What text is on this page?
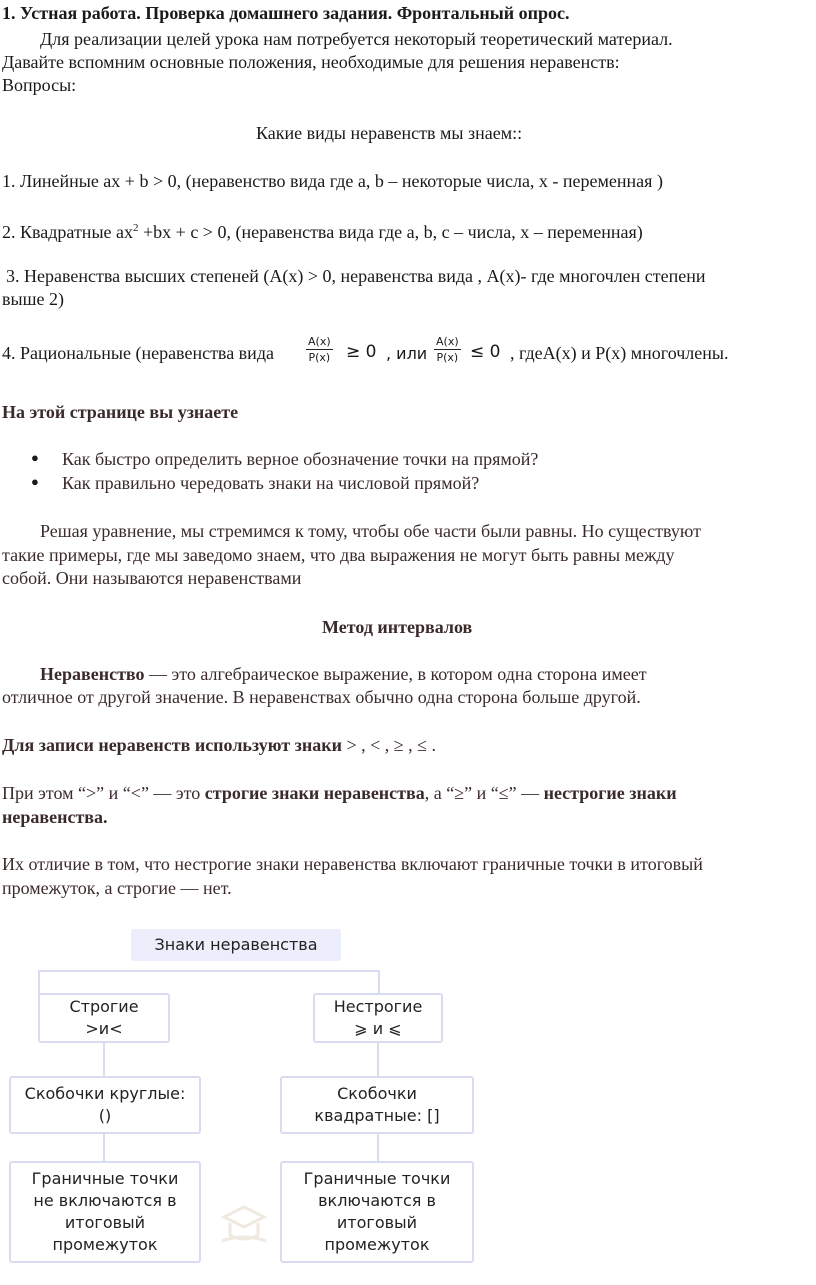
1. Устная работа. Проверка домашнего задания. Фронтальный опрос.
Для реализации целей урока нам потребуется некоторый теоретический материал.
Давайте вспомним основные положения, необходимые для решения неравенств:
Вопросы:
Какие виды неравенств мы знаем::
1. Линейные ax + b > 0, (неравенство вида где а, b – некоторые числа, x - переменная )
2. Квадратные $ax^2 +bx + c > 0$, (неравенства вида где а, b, c – числа, x – переменная)
3. Неравенства высших степеней (A(x) > 0, неравенства вида , A(x)- где многочлен степени
выше 2)
4. Рациональные (неравенства вида	$\frac{A(x)}{P(x)} \ge 0$ , или $\frac{A(x)}{P(x)} \le 0$ , гдеA(x) и P(x) многочлены.
На этой странице вы узнаете
● Как быстро определить верное обозначение точки на прямой?
● Как правильно чередовать знаки на числовой прямой?
Решая уравнение, мы стремимся к тому, чтобы обе части были равны. Но существуют
такие примеры, где мы заведомо знаем, что два выражения не могут быть равны между
собой. Они называются неравенствами
Метод интервалов
Неравенство — это алгебраическое выражение, в котором одна сторона имеет
отличное от другой значение. В неравенствах обычно одна сторона больше другой.
Для записи неравенств используют знаки > , < , ≥ , ≤ .
При этом “>” и “<” — это строгие знаки неравенства, а “≥” и “≤” — нестрогие знаки
неравенства.
Их отличие в том, что нестрогие знаки неравенства включают граничные точки в итоговый
промежуток, а строгие — нет.
Знаки неравенства
Строгие
>и<
Нестрогие
⩾ и ⩽
Скобочки круглые:
()
Скобочки
квадратные: []
Граничные точки
не включаются в
итоговый
промежуток
Граничные точки
включаются в
итоговый
промежуток
